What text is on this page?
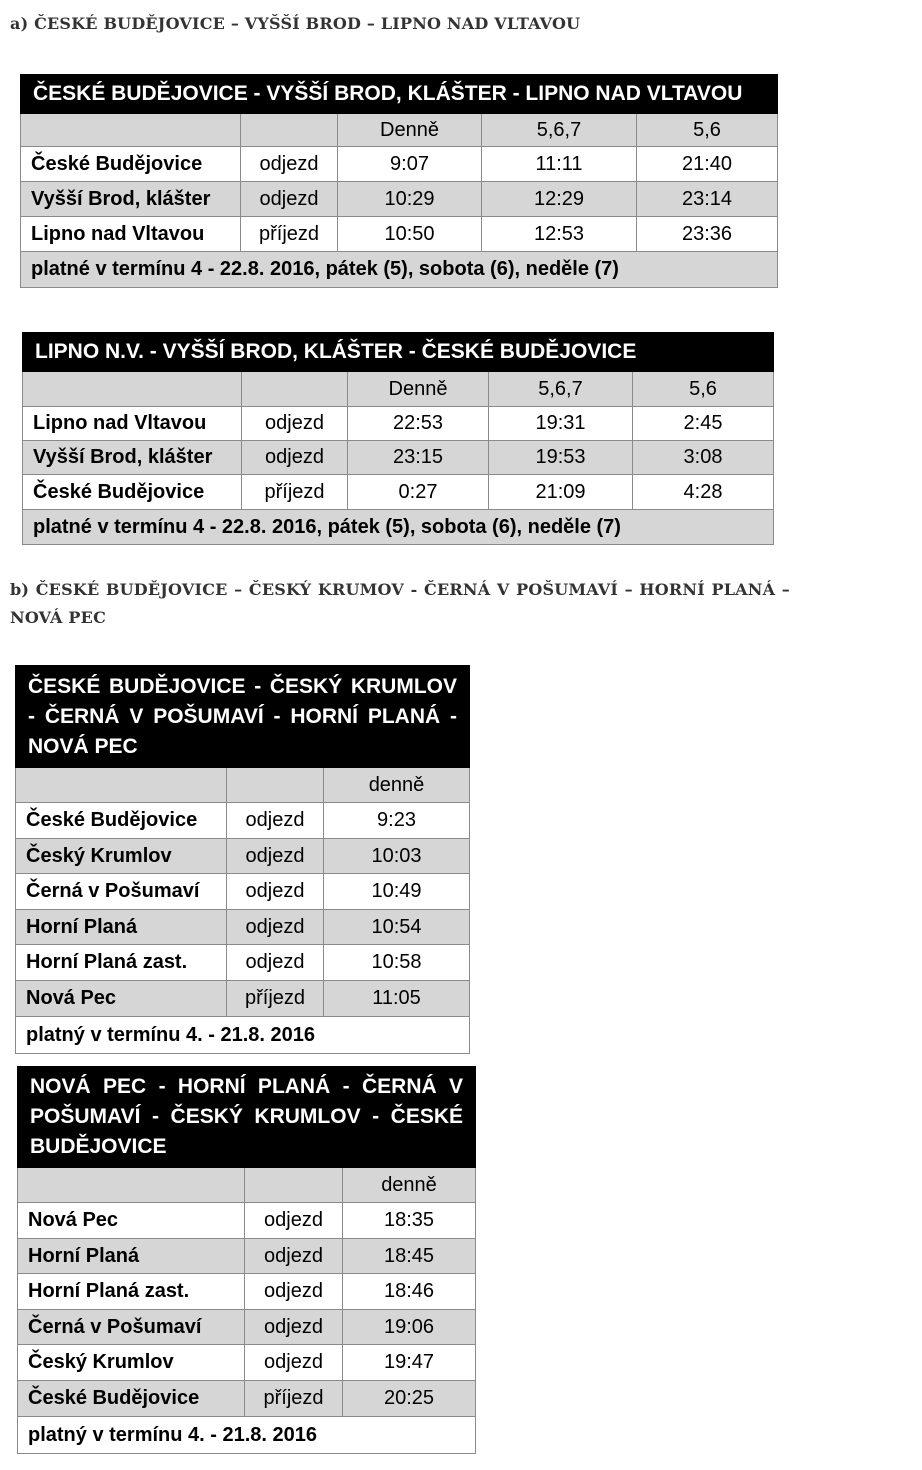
a) ČESKÉ BUDĚJOVICE – VYŠŠÍ BROD – LIPNO NAD VLTAVOU

ČESKÉ BUDĚJOVICE - VYŠŠÍ BROD, KLÁŠTER - LIPNO NAD VLTAVOU				
		Denně	5,6,7	5,6
České Budějovice	odjezd	9:07	11:11	21:40
Vyšší Brod, klášter	odjezd	10:29	12:29	23:14
Lipno nad Vltavou	příjezd	10:50	12:53	23:36
platné v termínu 4 - 22.8. 2016, pátek (5), sobota (6), neděle (7)				
LIPNO N.V. - VYŠŠÍ BROD, KLÁŠTER - ČESKÉ BUDĚJOVICE				
		Denně	5,6,7	5,6
Lipno nad Vltavou	odjezd	22:53	19:31	2:45
Vyšší Brod, klášter	odjezd	23:15	19:53	3:08
České Budějovice	příjezd	0:27	21:09	4:28
platné v termínu 4 - 22.8. 2016, pátek (5), sobota (6), neděle (7)				

b) ČESKÉ BUDĚJOVICE – ČESKÝ KRUMOV - ČERNÁ V POŠUMAVÍ – HORNÍ PLANÁ –

NOVÁ PEC

ČESKÉ BUDĚJOVICE - ČESKÝ KRUMLOV - ČERNÁ V POŠUMAVÍ - HORNÍ PLANÁ - NOVÁ PEC		
		denně
České Budějovice	odjezd	9:23
Český Krumlov	odjezd	10:03
Černá v Pošumaví	odjezd	10:49
Horní Planá	odjezd	10:54
Horní Planá zast.	odjezd	10:58
Nová Pec	příjezd	11:05
platný v termínu 4. - 21.8. 2016		
NOVÁ PEC - HORNÍ PLANÁ - ČERNÁ V POŠUMAVÍ - ČESKÝ KRUMLOV - ČESKÉ BUDĚJOVICE		
		denně
Nová Pec	odjezd	18:35
Horní Planá	odjezd	18:45
Horní Planá zast.	odjezd	18:46
Černá v Pošumaví	odjezd	19:06
Český Krumlov	odjezd	19:47
České Budějovice	příjezd	20:25
platný v termínu 4. - 21.8. 2016		
